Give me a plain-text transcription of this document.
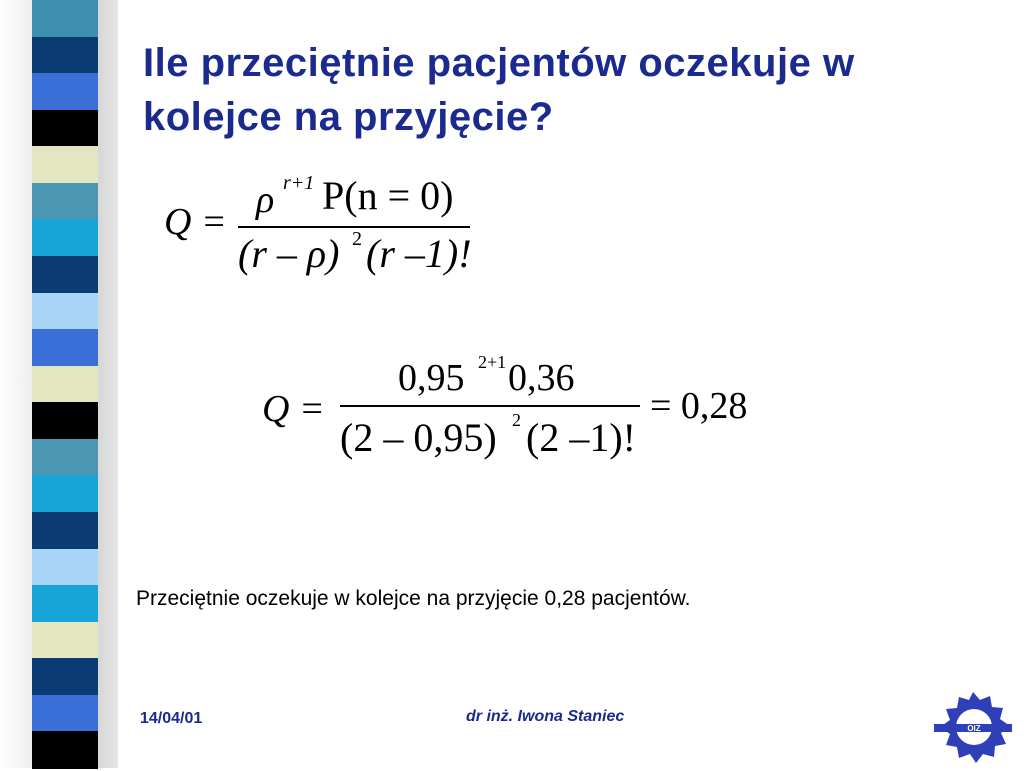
Ile przeciętnie pacjentów oczekuje w kolejce na przyjęcie?
Q =
ρ r+1 P(n = 0)
(r – ρ) 2 (r –1)!
Q =
0,95 2+1 0,36
(2 – 0,95) 2 (2 –1)!
= 0,28
Przeciętnie oczekuje w kolejce na przyjęcie 0,28 pacjentów.
14/04/01	dr inż. Iwona Staniec
OIZ
